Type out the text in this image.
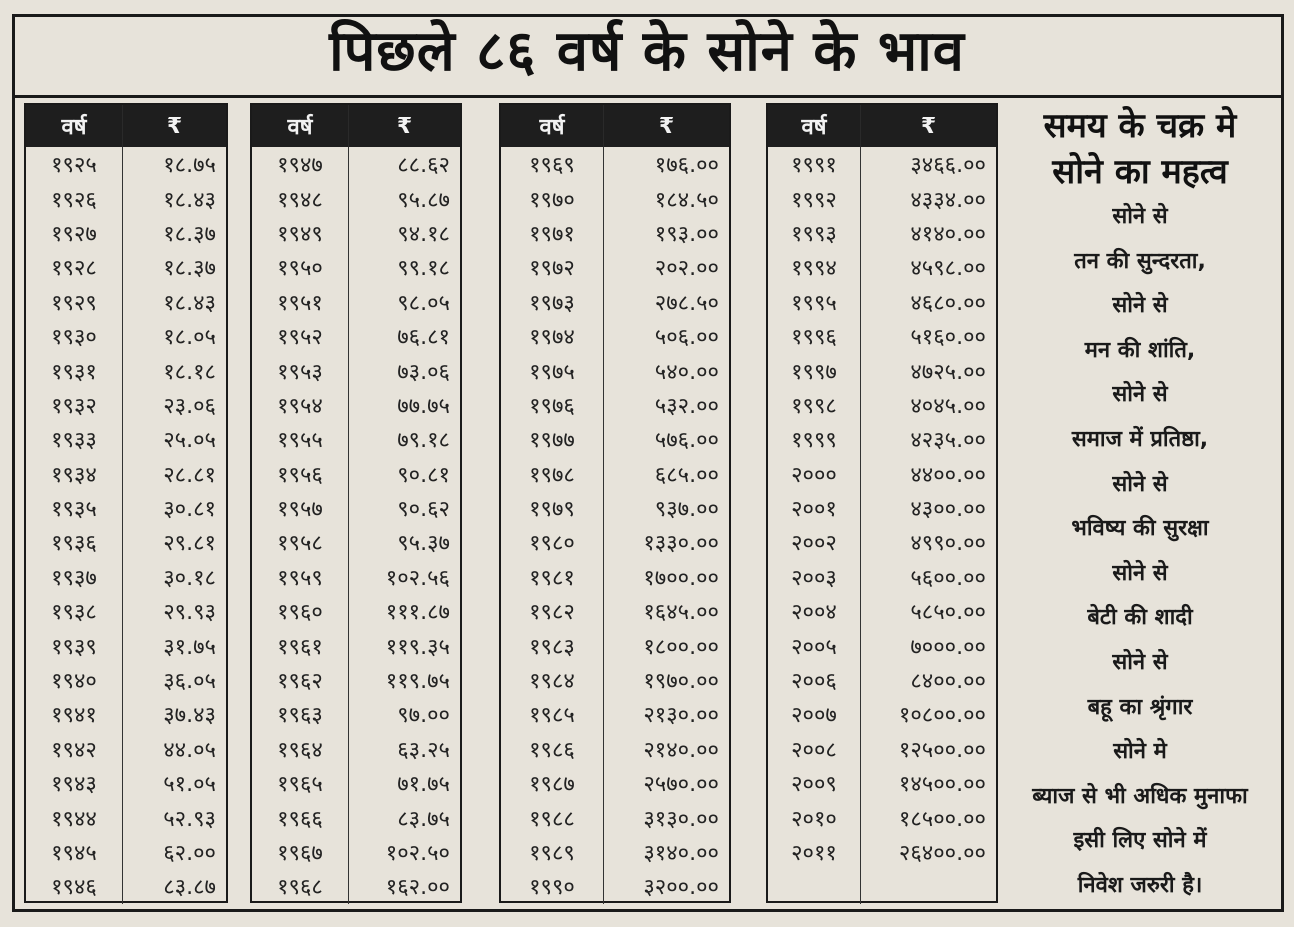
पिछले ८६ वर्ष के सोने के भाव
वर्ष	₹
१९२५	१८.७५
१९२६	१८.४३
१९२७	१८.३७
१९२८	१८.३७
१९२९	१८.४३
१९३०	१८.०५
१९३१	१८.१८
१९३२	२३.०६
१९३३	२५.०५
१९३४	२८.८१
१९३५	३०.८१
१९३६	२९.८१
१९३७	३०.१८
१९३८	२९.९३
१९३९	३१.७५
१९४०	३६.०५
१९४१	३७.४३
१९४२	४४.०५
१९४३	५१.०५
१९४४	५२.९३
१९४५	६२.००
१९४६	८३.८७
वर्ष	₹
१९४७	८८.६२
१९४८	९५.८७
१९४९	९४.१८
१९५०	९९.१८
१९५१	९८.०५
१९५२	७६.८१
१९५३	७३.०६
१९५४	७७.७५
१९५५	७९.१८
१९५६	९०.८१
१९५७	९०.६२
१९५८	९५.३७
१९५९	१०२.५६
१९६०	१११.८७
१९६१	११९.३५
१९६२	११९.७५
१९६३	९७.००
१९६४	६३.२५
१९६५	७१.७५
१९६६	८३.७५
१९६७	१०२.५०
१९६८	१६२.००
वर्ष	₹
१९६९	१७६.००
१९७०	१८४.५०
१९७१	१९३.००
१९७२	२०२.००
१९७३	२७८.५०
१९७४	५०६.००
१९७५	५४०.००
१९७६	५३२.००
१९७७	५७६.००
१९७८	६८५.००
१९७९	९३७.००
१९८०	१३३०.००
१९८१	१७००.००
१९८२	१६४५.००
१९८३	१८००.००
१९८४	१९७०.००
१९८५	२१३०.००
१९८६	२१४०.००
१९८७	२५७०.००
१९८८	३१३०.००
१९८९	३१४०.००
१९९०	३२००.००
वर्ष	₹
१९९१	३४६६.००
१९९२	४३३४.००
१९९३	४१४०.००
१९९४	४५९८.००
१९९५	४६८०.००
१९९६	५१६०.००
१९९७	४७२५.००
१९९८	४०४५.००
१९९९	४२३५.००
२०००	४४००.००
२००१	४३००.००
२००२	४९९०.००
२००३	५६००.००
२००४	५८५०.००
२००५	७०००.००
२००६	८४००.००
२००७	१०८००.००
२००८	१२५००.००
२००९	१४५००.००
२०१०	१८५००.००
२०११	२६४००.००
समय के चक्र मे
सोने का महत्व
सोने से
तन की सुन्दरता,
सोने से
मन की शांति,
सोने से
समाज में प्रतिष्ठा,
सोने से
भविष्य की सुरक्षा
सोने से
बेटी की शादी
सोने से
बहू का श्रृंगार
सोने मे
ब्याज से भी अधिक मुनाफा
इसी लिए सोने में
निवेश जरुरी है।
